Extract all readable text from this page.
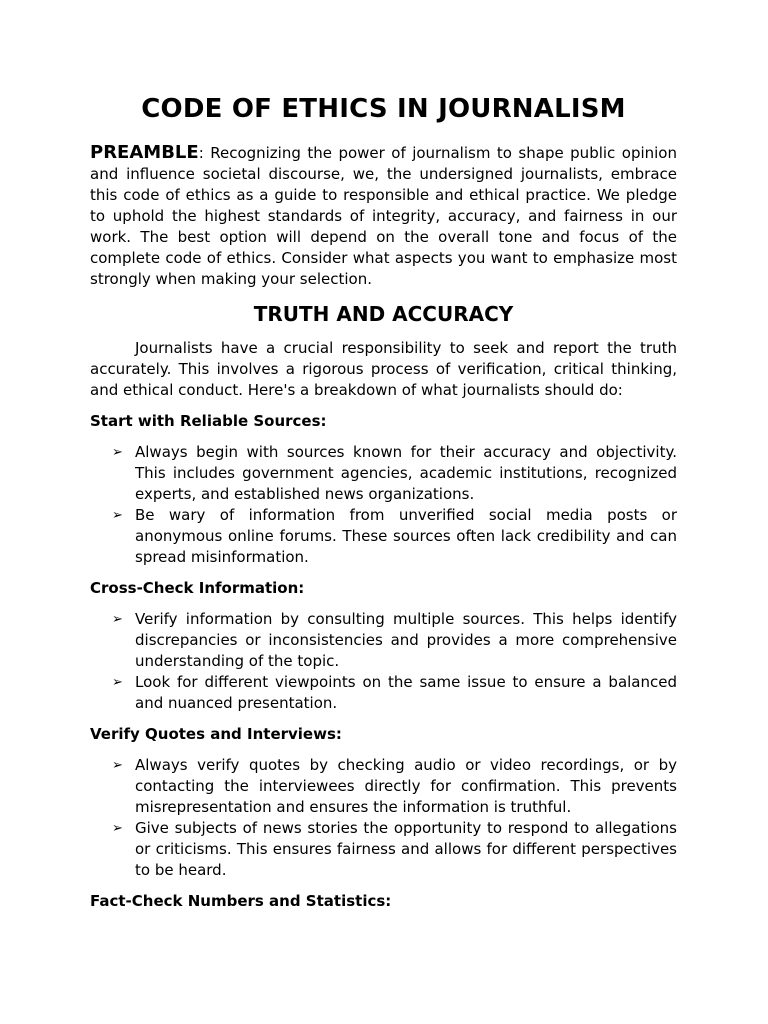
CODE OF ETHICS IN JOURNALISM

PREAMBLE: Recognizing the power of journalism to shape public opinion and influence societal discourse, we, the undersigned journalists, embrace this code of ethics as a guide to responsible and ethical practice. We pledge to uphold the highest standards of integrity, accuracy, and fairness in our work. The best option will depend on the overall tone and focus of the complete code of ethics. Consider what aspects you want to emphasize most strongly when making your selection.

TRUTH AND ACCURACY

Journalists have a crucial responsibility to seek and report the truth accurately. This involves a rigorous process of verification, critical thinking, and ethical conduct. Here's a breakdown of what journalists should do:

Start with Reliable Sources:
➢ Always begin with sources known for their accuracy and objectivity. This includes government agencies, academic institutions, recognized experts, and established news organizations.
➢ Be wary of information from unverified social media posts or anonymous online forums. These sources often lack credibility and can spread misinformation.
Cross-Check Information:
➢ Verify information by consulting multiple sources. This helps identify discrepancies or inconsistencies and provides a more comprehensive understanding of the topic.
➢ Look for different viewpoints on the same issue to ensure a balanced and nuanced presentation.
Verify Quotes and Interviews:
➢ Always verify quotes by checking audio or video recordings, or by contacting the interviewees directly for confirmation. This prevents misrepresentation and ensures the information is truthful.
➢ Give subjects of news stories the opportunity to respond to allegations or criticisms. This ensures fairness and allows for different perspectives to be heard.
Fact-Check Numbers and Statistics:
